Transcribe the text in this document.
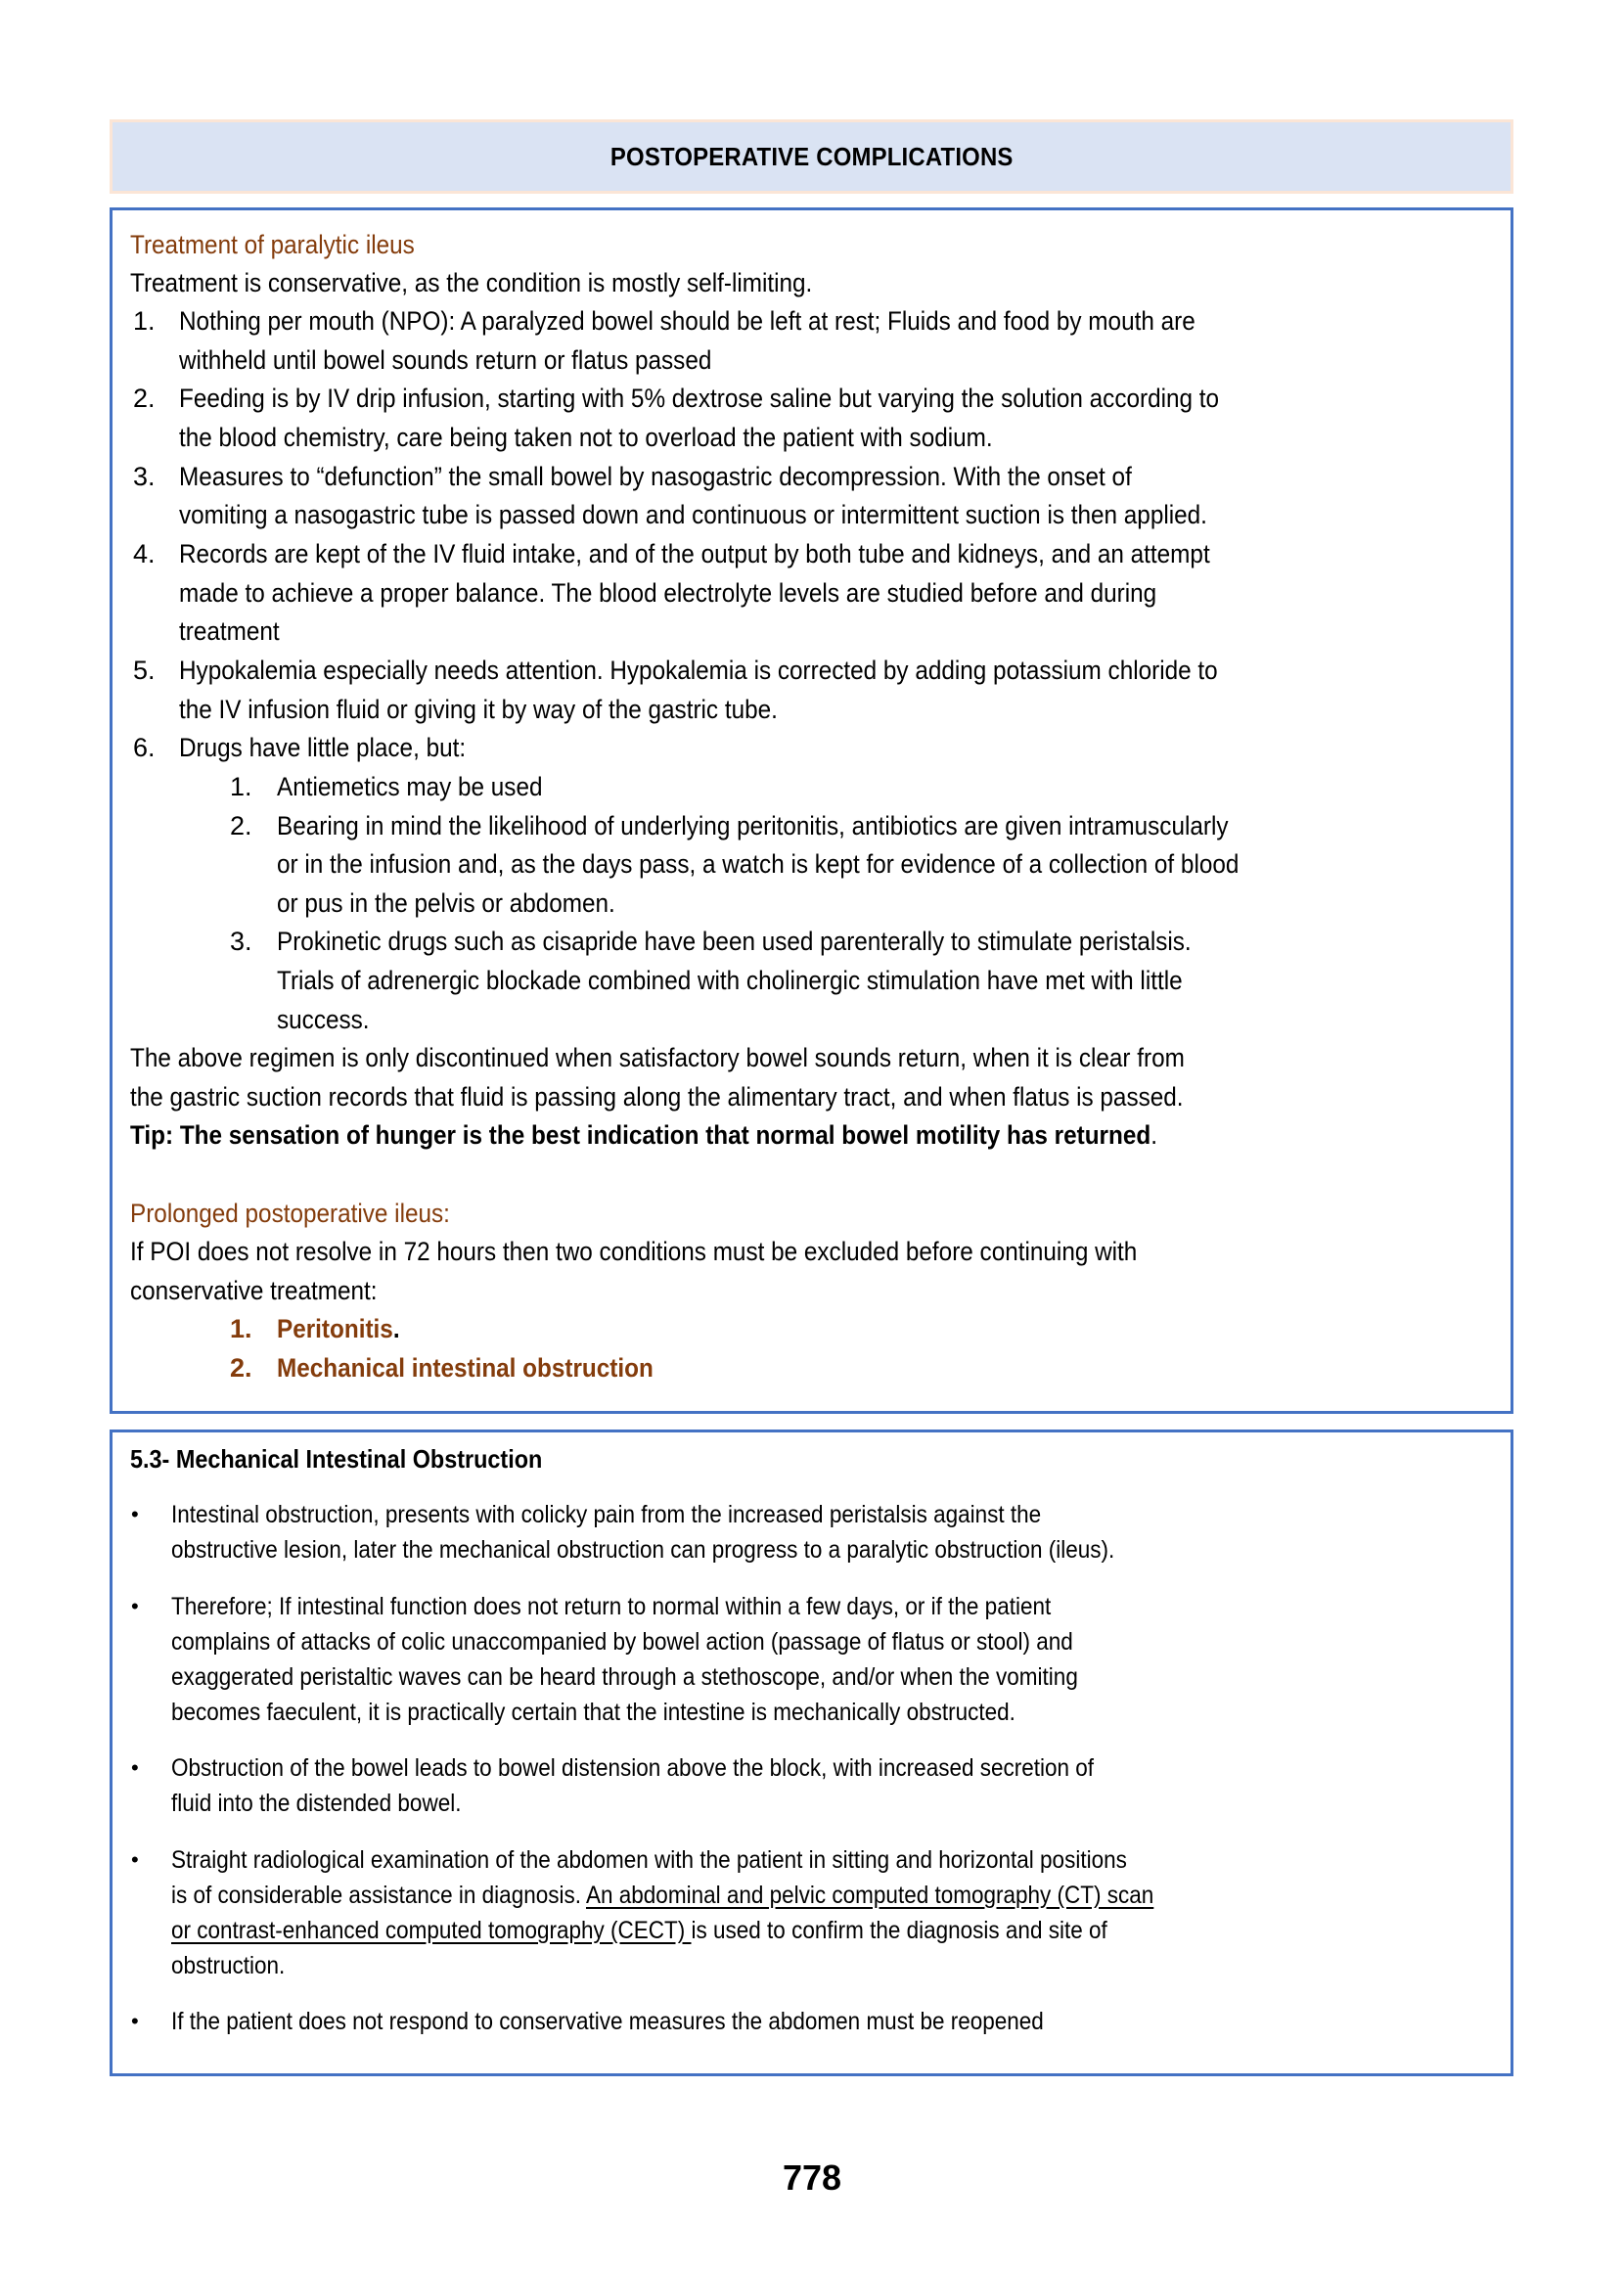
POSTOPERATIVE COMPLICATIONS
Treatment of paralytic ileus
Treatment is conservative, as the condition is mostly self-limiting.
1. Nothing per mouth (NPO): A paralyzed bowel should be left at rest; Fluids and food by mouth are
withheld until bowel sounds return or flatus passed
2. Feeding is by IV drip infusion, starting with 5% dextrose saline but varying the solution according to
the blood chemistry, care being taken not to overload the patient with sodium.
3. Measures to “defunction” the small bowel by nasogastric decompression. With the onset of
vomiting a nasogastric tube is passed down and continuous or intermittent suction is then applied.
4. Records are kept of the IV fluid intake, and of the output by both tube and kidneys, and an attempt
made to achieve a proper balance. The blood electrolyte levels are studied before and during
treatment
5. Hypokalemia especially needs attention. Hypokalemia is corrected by adding potassium chloride to
the IV infusion fluid or giving it by way of the gastric tube.
6. Drugs have little place, but:
1. Antiemetics may be used
2. Bearing in mind the likelihood of underlying peritonitis, antibiotics are given intramuscularly
or in the infusion and, as the days pass, a watch is kept for evidence of a collection of blood
or pus in the pelvis or abdomen.
3. Prokinetic drugs such as cisapride have been used parenterally to stimulate peristalsis.
Trials of adrenergic blockade combined with cholinergic stimulation have met with little
success.
The above regimen is only discontinued when satisfactory bowel sounds return, when it is clear from
the gastric suction records that fluid is passing along the alimentary tract, and when flatus is passed.
Tip: The sensation of hunger is the best indication that normal bowel motility has returned.
Prolonged postoperative ileus:
If POI does not resolve in 72 hours then two conditions must be excluded before continuing with
conservative treatment:
1. Peritonitis.
2. Mechanical intestinal obstruction
5.3- Mechanical Intestinal Obstruction
• Intestinal obstruction, presents with colicky pain from the increased peristalsis against the
obstructive lesion, later the mechanical obstruction can progress to a paralytic obstruction (ileus).
• Therefore; If intestinal function does not return to normal within a few days, or if the patient
complains of attacks of colic unaccompanied by bowel action (passage of flatus or stool) and
exaggerated peristaltic waves can be heard through a stethoscope, and/or when the vomiting
becomes faeculent, it is practically certain that the intestine is mechanically obstructed.
• Obstruction of the bowel leads to bowel distension above the block, with increased secretion of
fluid into the distended bowel.
• Straight radiological examination of the abdomen with the patient in sitting and horizontal positions
is of considerable assistance in diagnosis. An abdominal and pelvic computed tomography (CT) scan
or contrast-enhanced computed tomography (CECT) is used to confirm the diagnosis and site of
obstruction.
• If the patient does not respond to conservative measures the abdomen must be reopened
778
